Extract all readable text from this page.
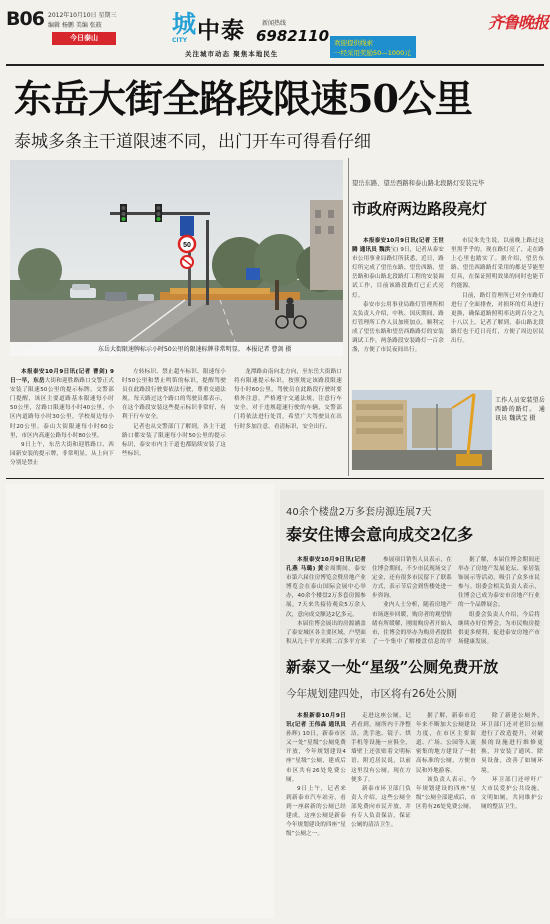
B06 2012年10月10日 星期三
编辑 杨鹏 美编 张筱
今日泰山	城
CITY 中泰	新闻热线
6982110
关注城市动态 聚焦本地民生
欢迎提供线索
一经采用奖励50—1000元
齐鲁晚报
东岳大街全路段限速50公里
泰城多条主干道限速不同，出门开车可得看仔细
50
东岳大街限速牌标示小时50公里的限速标牌非常明显。 本报记者 曹剑 摄

本报泰安10月9日讯(记者 曹剑) 9日一早，东岳大街和迎胜路路口交警正式安装了限速50公里的提示标牌，交警部门提醒，该区主要道路基本限速每小时50公里，岔路口限速每小时40公里，小区内道路每小时30公里，学校周边每小时20公里。泰山大街限速每小时60公里，市区内高速公路每小时80公里。

9日上午，东岳大街和迎胜路口、西园新安装的提示牌，非常明显，从上向下分别是禁止

左转标识、禁止超车标识、限速每小时50公里和禁止鸣笛的标识，提醒驾驶员在此路段行驶要依法行驶，尊重交通法规。每天路过这个路口的驾驶员都表示，在这个路段安装这些提示标识非常好，有利于行车安全。

记者也从交警部门了解到，各主干道路口都安装了限速每小时50公里的提示标识，泰安市内主干道也都陆续安装了这些标识。

龙潭路由南向北方向，至东岳大街路口将有限速提示标识，按照规定该路段限速每小时60公里，驾驶员在此路段行驶时要格外注意，严格遵守交通法规，注意行车安全。对于违规超速行驶的车辆，交警部门将依法进行处罚，希望广大驾驶员在出行时多加注意，看清标识，安全出行。

望岳东路、望岳西路和泰山路北段路灯安装完毕
市政府两边路段亮灯

本报泰安10月9日讯(记者 王世腾 通讯员 魏洪宝) 9日，记者从泰安市公用事业局路灯所获悉，近日，路灯所完成了望岳东路、望岳西路、望岳路和泰山路北段路灯工程的安装调试工作，目前该路段路灯已正式亮灯。

泰安市公用事业局路灯管理所相关负责人介绍，中秋、国庆期间，路灯管理所工作人员加班加点，顺利完成了望岳东路和望岳西路路灯的安装调试工作，两条路段安装路灯一百余盏，方便了市民夜间出行。

市民朱先生说，以前晚上路过这里黑乎乎的，现在路灯亮了，走在路上心里也踏实了。据介绍，望岳东路、望岳西路路灯采用的都是节能型灯具，在保证照明效果的同时也能节约能源。

目前，路灯管理所已对全市路灯进行了全面排查，对损坏的灯具进行更换，确保道路照明率达到百分之九十八以上。记者了解到，泰山路北段路灯也于近日亮灯，方便了周边居民出行。

工作人员安装望岳西路的路灯。 通讯员 魏洪宝 摄
40余个楼盘2万多套房源连展7天
泰安住博会意向成交2亿多

本报泰安10月9日讯(记者 孔燕 马璐) 黄金周期间，泰安市第六届住房博览会暨房地产业博览会在泰山国际会展中心举办，40余个楼盘2万多套房源参展，7天来共接待观众5万余人次，意向成交额达2亿多元。

本届住博会展出的房源涵盖了泰安城区各主要区域，户型面积从几十平方米到二百多平方米

参展项目销售人员表示，在住博会期间，不少市民现场交了定金，还有很多市民留下了联系方式，表示节后会到售楼处进一步咨询。

业内人士分析，随着房地产市场逐步回暖，购房者的观望情绪有所缓解，刚需购房者开始入市，住博会的举办为购房者提供了一个集中了解楼盘信息的平

据了解，本届住博会期间还举办了房地产发展论坛、家居装饰展示等活动，吸引了众多市民参与。组委会相关负责人表示，住博会已成为泰安市房地产行业的一个品牌展会。

组委会负责人介绍，今后将继续办好住博会，为市民购房提供更多便利，促进泰安房地产市场健康发展。

新泰又一处“星级”公厕免费开放
今年规划建四处，市区将有26处公厕

本报新泰10月9日讯(记者 王伟森 通讯员 孙辉) 10日，新泰市区又一处“星级”公厕免费开放，今年规划建设4座“星级”公厕，建成后市区共有26处免费公厕。

9日上午，记者来到新泰市汽车站旁，看到一座崭新的公厕已经建成，这座公厕是新泰今年规划建设的四座“星级”公厕之一。

走进这座公厕，记者看到，厕所内干净整洁，洗手池、镜子、烘手机等设施一应俱全，墙壁上还张贴着文明标语。附近居民说，以前这里没有公厕，现在方便多了。

新泰市环卫部门负责人介绍，这些公厕全部免费向市民开放，并有专人负责保洁，保证公厕的清洁卫生。

据了解，新泰市近年来不断加大公厕建设力度，在市区主要街道、广场、公园等人流密集的地方建设了一批高标准的公厕，方便市民和外地游客。

该负责人表示，今年规划建设的四座“星级”公厕全部建成后，市区将有26处免费公厕。

除了新建公厕外，环卫部门还对老旧公厕进行了改造提升，对破损的设施进行维修更换，并安装了通风、除臭设备，改善了如厕环境。

环卫部门还呼吁广大市民爱护公共设施，文明如厕，共同维护公厕的整洁卫生。
